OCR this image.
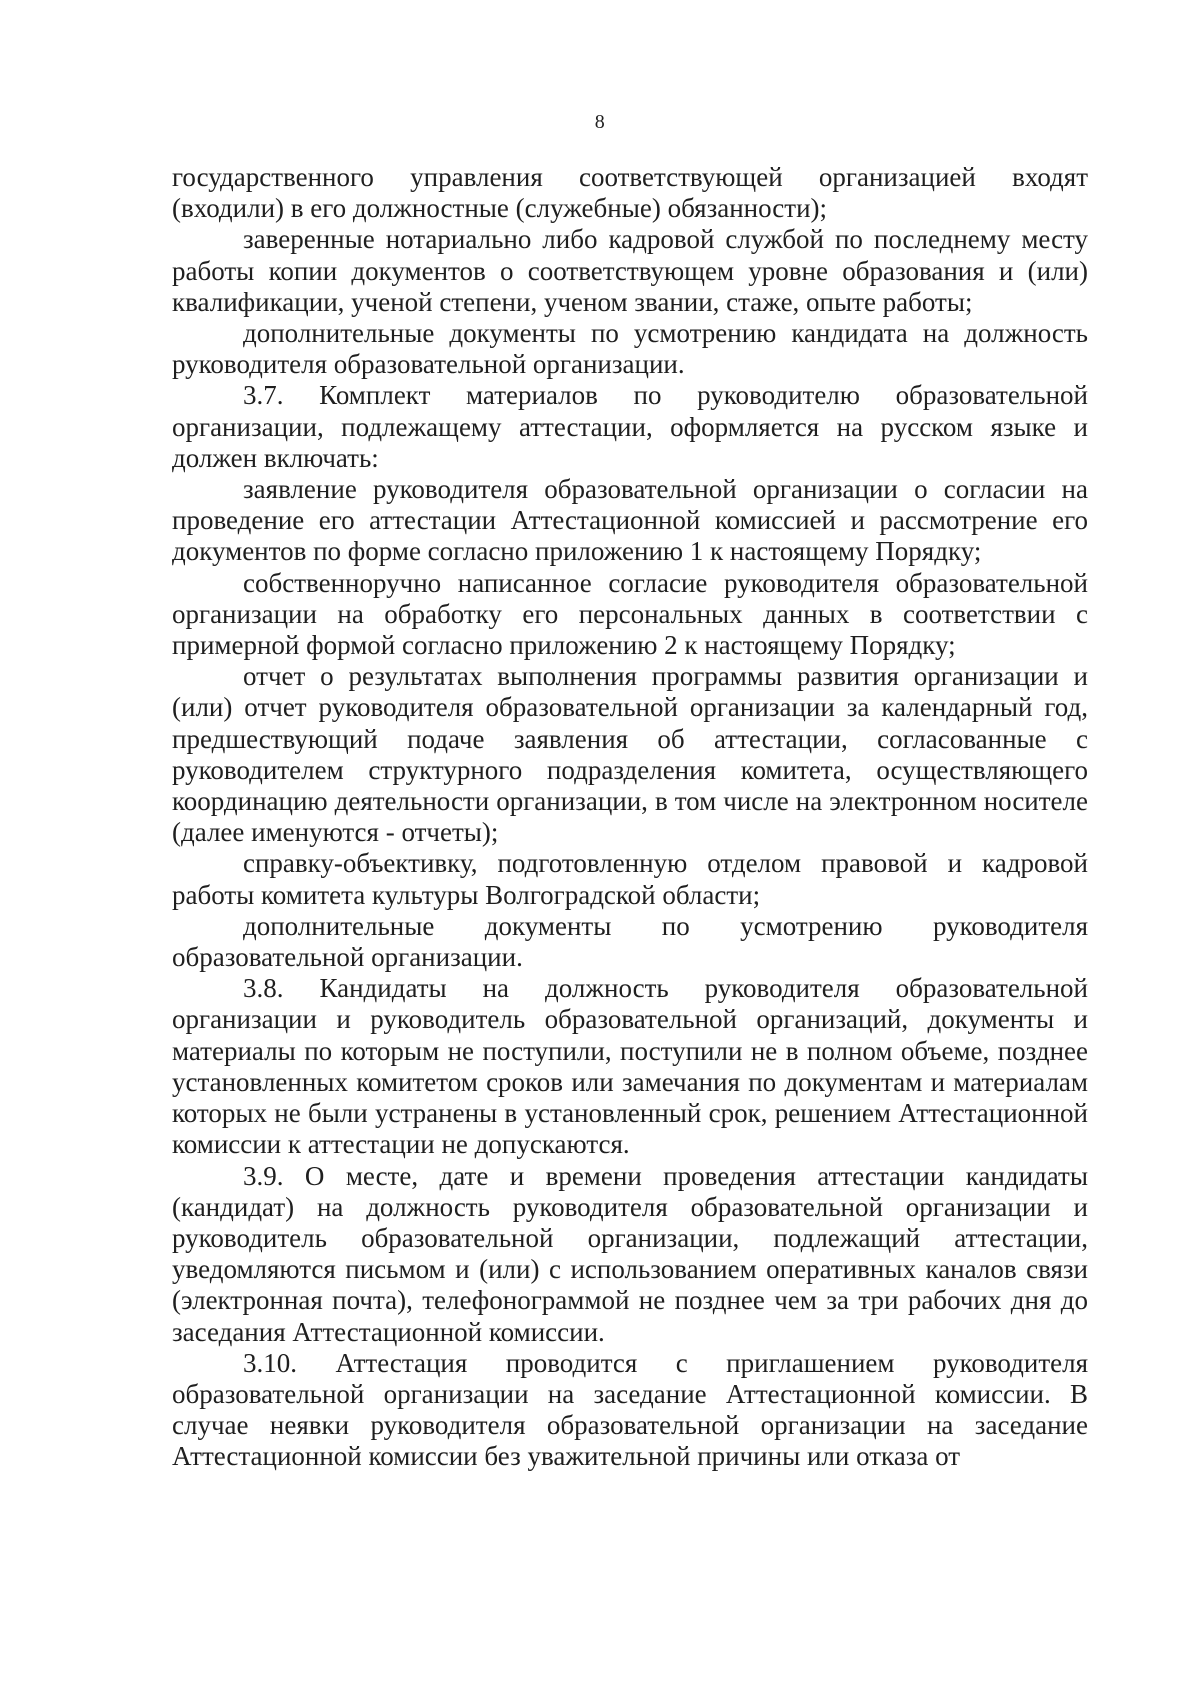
8

государственного управления соответствующей организацией входят (входили) в его должностные (служебные) обязанности);

заверенные нотариально либо кадровой службой по последнему месту работы копии документов о соответствующем уровне образования и (или) квалификации, ученой степени, ученом звании, стаже, опыте работы;

дополнительные документы по усмотрению кандидата на должность руководителя образовательной организации.

3.7. Комплект материалов по руководителю образовательной организации, подлежащему аттестации, оформляется на русском языке и должен включать:

заявление руководителя образовательной организации о согласии на проведение его аттестации Аттестационной комиссией и рассмотрение его документов по форме согласно приложению 1 к настоящему Порядку;

собственноручно написанное согласие руководителя образовательной организации на обработку его персональных данных в соответствии с примерной формой согласно приложению 2 к настоящему Порядку;

отчет о результатах выполнения программы развития организации и (или) отчет руководителя образовательной организации за календарный год, предшествующий подаче заявления об аттестации, согласованные с руководителем структурного подразделения комитета, осуществляющего координацию деятельности организации, в том числе на электронном носителе (далее именуются - отчеты);

справку-объективку, подготовленную отделом правовой и кадровой работы комитета культуры Волгоградской области;

дополнительные документы по усмотрению руководителя образовательной организации.

3.8. Кандидаты на должность руководителя образовательной организации и руководитель образовательной организаций, документы и материалы по которым не поступили, поступили не в полном объеме, позднее установленных комитетом сроков или замечания по документам и материалам которых не были устранены в установленный срок, решением Аттестационной комиссии к аттестации не допускаются.

3.9. О месте, дате и времени проведения аттестации кандидаты (кандидат) на должность руководителя образовательной организации и руководитель образовательной организации, подлежащий аттестации, уведомляются письмом и (или) с использованием оперативных каналов связи (электронная почта), телефонограммой не позднее чем за три рабочих дня до заседания Аттестационной комиссии.

3.10. Аттестация проводится с приглашением руководителя образовательной организации на заседание Аттестационной комиссии. В случае неявки руководителя образовательной организации на заседание Аттестационной комиссии без уважительной причины или отказа от
